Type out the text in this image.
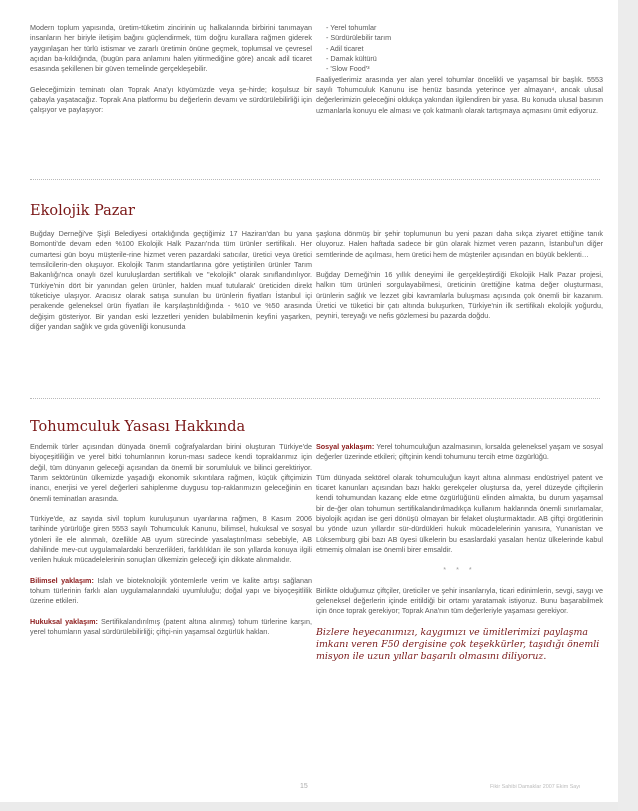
Modern toplum yapısında, üretim-tüketim zincirinin uç halkalarında birbirini tanımayan insanların her biriyle iletişim bağını güçlendirmek, tüm doğru kurallara rağmen giderek yaygınlaşan her türlü istismar ve zararlı üretimin önüne geçmek, toplumsal ve çevresel açıdan ba-kıldığında, (bugün para anlamını halen yitirmediğine göre) ancak adil ticaret esasında şekillenen bir güven temelinde gerçekleşebilir.

Geleceğimizin teminatı olan Toprak Ana'yı köyümüzde veya şe-hirde; koşulsuz bir çabayla yaşatacağız. Toprak Ana platformu bu değerlerin devamı ve sürdürülebilirliği için çalışıyor ve paylaşıyor:

- Yerel tohumlar
- Sürdürülebilir tarım
- Adil ticaret
- Damak kültürü
- 'Slow Food'³

Faaliyetlerimiz arasında yer alan yerel tohumlar öncelikli ve yaşamsal bir başlık. 5553 sayılı Tohumculuk Kanunu ise henüz basında yeterince yer almayan⁴, ancak ulusal değerlerimizin geleceğini oldukça yakından ilgilendiren bir yasa. Bu konuda ulusal basının uzmanlarla konuyu ele alması ve çok katmanlı olarak tartışmaya açmasını ümit ediyoruz.

Ekolojik Pazar

Buğday Derneği've Şişli Belediyesi ortaklığında geçtiğimiz 17 Haziran'dan bu yana Bomonti'de devam eden %100 Ekolojik Halk Pazarı'nda tüm ürünler sertifikalı. Her cumartesi gün boyu müşterile-rine hizmet veren pazardaki satıcılar, üretici veya üretici temsilcilerin-den oluşuyor. Ekolojik Tarım standartlarına göre yetiştirilen ürünler Tarım Bakanlığı'nca onaylı özel kuruluşlardan sertifikalı ve "ekolojik" olarak sınıflandırılıyor. Türkiye'nin dört bir yanından gelen ürünler, halden muaf tutularak' üreticiden direkt tüketiciye ulaşıyor. Aracısız olarak satışa sunulan bu ürünlerin fiyatları İstanbul içi perakende geleneksel ürün fiyatları ile karşılaştırıldığında - %10 ve %50 arasında değişim gösteriyor. Bir yandan eski lezzetleri yeniden bulabilmenin keyfini yaşarken, diğer yandan sağlık ve gıda güvenliği konusunda

şaşkına dönmüş bir şehir toplumunun bu yeni pazarı daha sıkça ziyaret ettiğine tanık oluyoruz. Halen haftada sadece bir gün olarak hizmet veren pazarın, İstanbul'un diğer semtlerinde de açılması, hem üretici hem de müşteriler açısından en büyük beklenti…

Buğday Derneği'nin 16 yıllık deneyimi ile gerçekleştirdiği Ekolojik Halk Pazar projesi, halkın tüm ürünleri sorgulayabilmesi, üreticinin ürettiğine katma değer oluşturması, ürünlerin sağlık ve lezzet gibi kavramlarla buluşması açısında çok önemli bir kazanım. Üretici ve tüketici bir çatı altında buluşurken, Türkiye'nin ilk sertifikalı ekolojik yoğurdu, peyniri, tereyağı ve nefis gözlemesi bu pazarda doğdu.

Tohumculuk Yasası Hakkında

Endemik türler açısından dünyada önemli coğrafyalardan birini oluşturan Türkiye'de biyoçeşitliliğin ve yerel bitki tohumlarının korun-ması sadece kendi topraklarımız için değil, tüm dünyanın geleceği açısından da önemli bir sorumluluk ve bilinci gerektiriyor. Tarım sektörünün ülkemizde yaşadığı ekonomik sıkıntılara rağmen, küçük çiftçimizin inancı, enerjisi ve yerel değerleri sahiplenme duygusu top-raklarımızın geleceğinin en önemli teminatları arasında.

Türkiye'de, az sayıda sivil toplum kuruluşunun uyarılarına rağmen, 8 Kasım 2006 tarihinde yürürlüğe giren 5553 sayılı Tohumculuk Kanunu, bilimsel, hukuksal ve sosyal yönleri ile ele alınmalı, özellikle AB uyum sürecinde yasalaştırılması sebebiyle, AB dahilinde mev-cut uygulamalardaki benzerlikleri, farklılıkları ile son yıllarda konuya ilgili verilen hukuk mücadelelerinin sonuçları ülkemizin geleceği için dikkate alınmalıdır.

Bilimsel yaklaşım: Islah ve bioteknolojik yöntemlerle verim ve kalite artışı sağlanan tohum türlerinin farklı alan uygulamalarındaki uyumluluğu; doğal yapı ve biyoçeşitlilik üzerine etkileri.

Hukuksal yaklaşım: Sertifikalandırılmış (patent altına alınmış) tohum türlerine karşın, yerel tohumların yasal sürdürülebilirliği; çiftçi-nin yaşamsal özgürlük hakları.

Sosyal yaklaşım: Yerel tohumculuğun azalmasının, kırsalda geleneksel yaşam ve sosyal değerler üzerinde etkileri; çiftçinin kendi tohumunu tercih etme özgürlüğü.

Tüm dünyada sektörel olarak tohumculuğun kayıt altına alınması endüstriyel patent ve ticaret kanunları açısından bazı hakkı gerekçeler oluştursa da, yerel düzeyde çiftçilerin kendi tohumundan kazanç elde etme özgürlüğünü elinden almakta, bu durum yaşamsal bir de-ğer olan tohumun sertifikalandırılmadıkça kullanım haklarında önemli sınırlamalar, biyolojik açıdan ise geri dönüşü olmayan bir felaket oluşturmaktadır. AB çiftçi örgütlerinin bu yönde uzun yıllardır sür-dürdükleri hukuk mücadelelerinin yanısıra, Yunanistan ve Lüksemburg gibi bazı AB üyesi ülkelerin bu esaslardaki yasaları henüz ülkelerinde kabul etmemiş olmaları ise önemli birer emsaldir.

* * *

Birlikte olduğumuz çiftçiler, üreticiler ve şehir insanlarıyla, ticari edinimlerin, sevgi, saygı ve geleneksel değerlerin içinde eritildiği bir ortamı yaratamak istiyoruz. Bunu başarabilmek için önce toprak gerekiyor; Toprak Ana'nın tüm değerleriyle yaşaması gerekiyor.

Bizlere heyecanımızı, kaygımızı ve ümitlerimizi paylaşma imkanı veren F50 dergisine çok teşekkürler, taşıdığı önemli misyon ile uzun yıllar başarılı olmasını diliyoruz.

15	Fikir Sahibi Damaklar 2007 Ekim Sayı
